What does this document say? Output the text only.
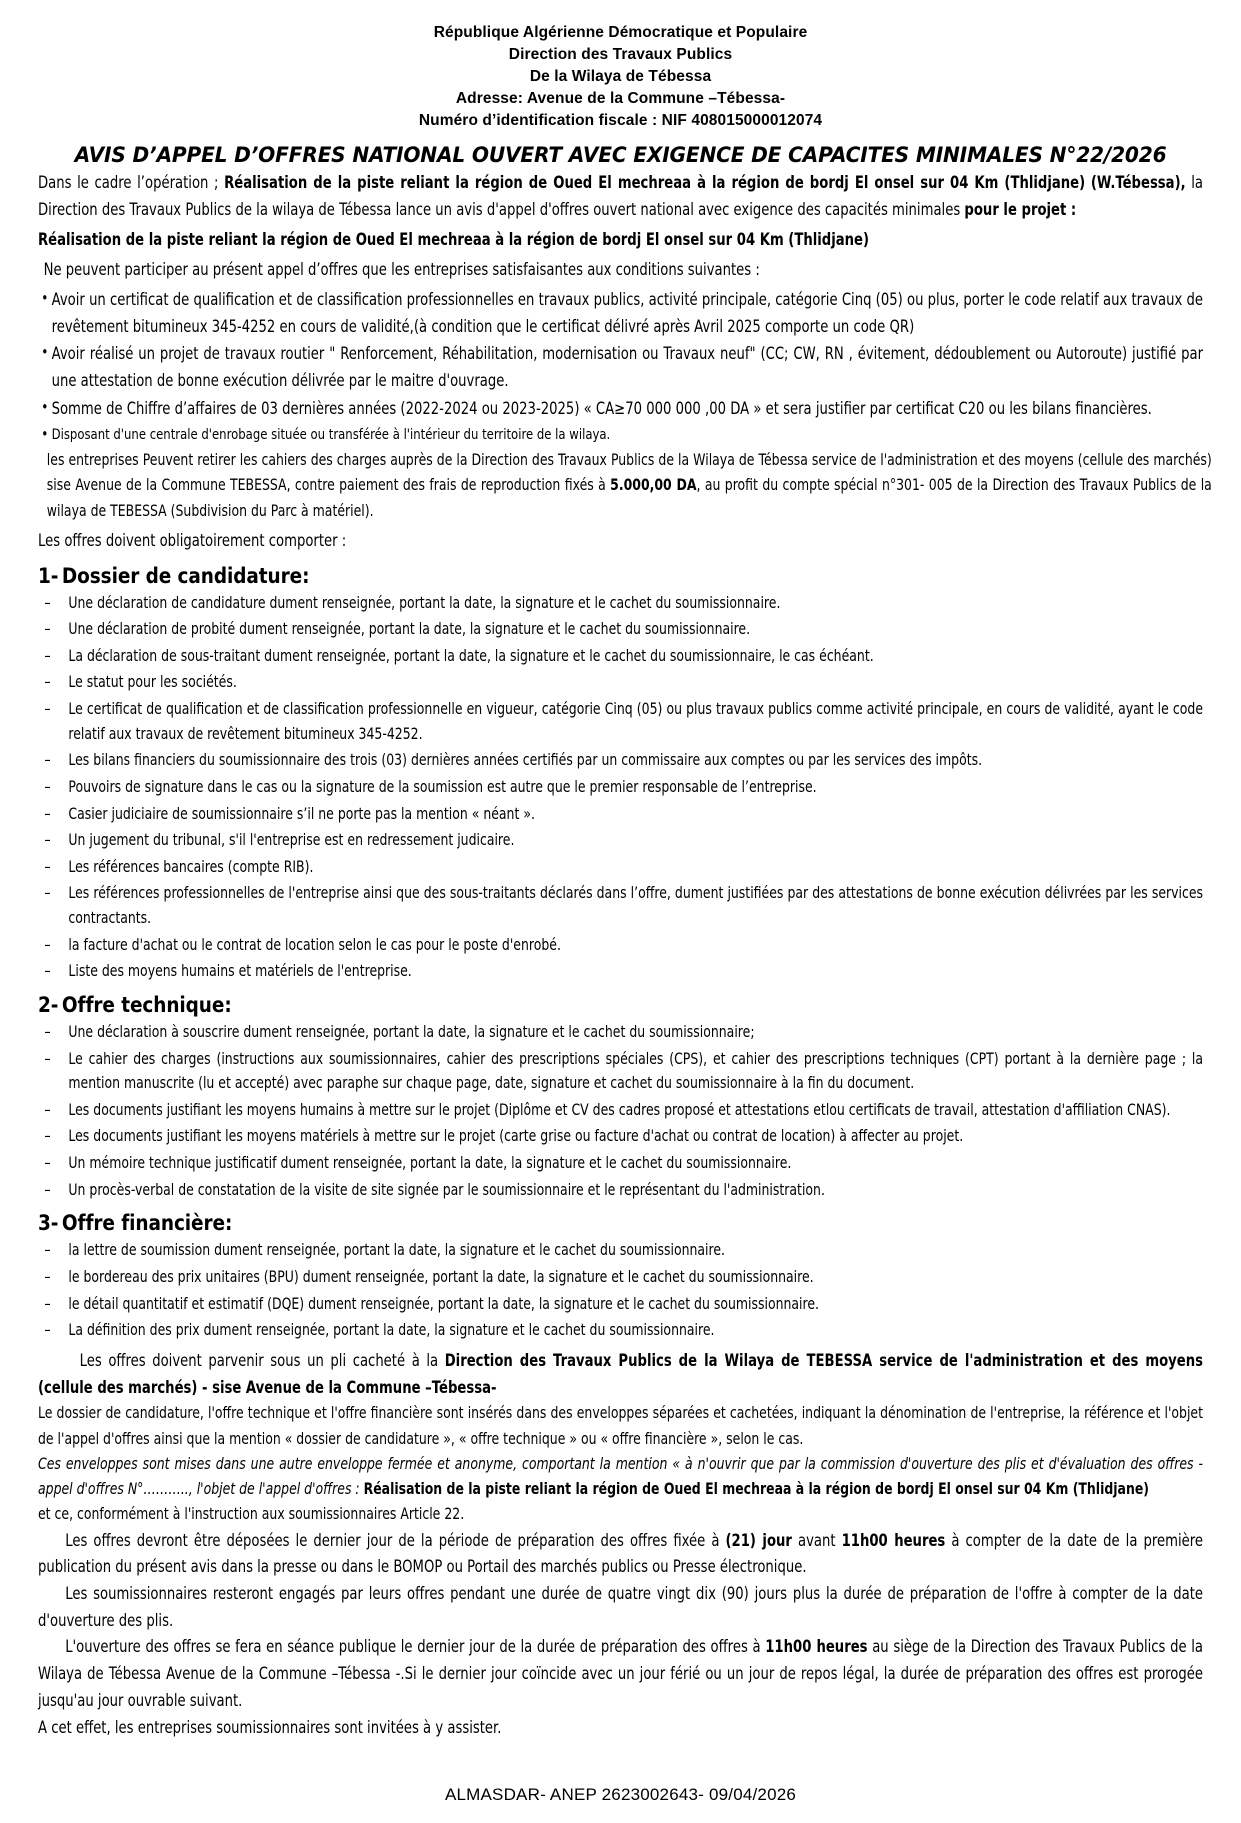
République Algérienne Démocratique et Populaire
Direction des Travaux Publics
De la Wilaya de Tébessa
Adresse: Avenue de la Commune –Tébessa-
Numéro d’identification fiscale : NIF 408015000012074
AVIS D’APPEL D’OFFRES NATIONAL OUVERT AVEC EXIGENCE DE CAPACITES MINIMALES N°22/2026

Dans le cadre l’opération ; Réalisation de la piste reliant la région de Oued El mechreaa à la région de bordj El onsel sur 04 Km (Thlidjane) (W.Tébessa), la Direction des Travaux Publics de la wilaya de Tébessa lance un avis d'appel d'offres ouvert national avec exigence des capacités minimales pour le projet :

Réalisation de la piste reliant la région de Oued El mechreaa à la région de bordj El onsel sur 04 Km (Thlidjane)

Ne peuvent participer au présent appel d’offres que les entreprises satisfaisantes aux conditions suivantes :

• Avoir un certificat de qualification et de classification professionnelles en travaux publics, activité principale, catégorie Cinq (05) ou plus, porter le code relatif aux travaux de revêtement bitumineux 345-4252 en cours de validité,(à condition que le certificat délivré après Avril 2025 comporte un code QR)
• Avoir réalisé un projet de travaux routier " Renforcement, Réhabilitation, modernisation ou Travaux neuf" (CC; CW, RN , évitement, dédoublement ou Autoroute) justifié par une attestation de bonne exécution délivrée par le maitre d'ouvrage.
• Somme de Chiffre d’affaires de 03 dernières années (2022-2024 ou 2023-2025) « CA≥70 000 000 ,00 DA » et sera justifier par certificat C20 ou les bilans financières.
• Disposant d'une centrale d'enrobage située ou transférée à l'intérieur du territoire de la wilaya.

les entreprises Peuvent retirer les cahiers des charges auprès de la Direction des Travaux Publics de la Wilaya de Tébessa service de l'administration et des moyens (cellule des marchés) sise Avenue de la Commune TEBESSA, contre paiement des frais de reproduction fixés à 5.000,00 DA, au profit du compte spécial n°301- 005 de la Direction des Travaux Publics de la wilaya de TEBESSA (Subdivision du Parc à matériel).

Les offres doivent obligatoirement comporter :

1- Dossier de candidature:
– Une déclaration de candidature dument renseignée, portant la date, la signature et le cachet du soumissionnaire.
– Une déclaration de probité dument renseignée, portant la date, la signature et le cachet du soumissionnaire.
– La déclaration de sous-traitant dument renseignée, portant la date, la signature et le cachet du soumissionnaire, le cas échéant.
– Le statut pour les sociétés.
– Le certificat de qualification et de classification professionnelle en vigueur, catégorie Cinq (05) ou plus travaux publics comme activité principale, en cours de validité, ayant le code relatif aux travaux de revêtement bitumineux 345-4252.
– Les bilans financiers du soumissionnaire des trois (03) dernières années certifiés par un commissaire aux comptes ou par les services des impôts.
– Pouvoirs de signature dans le cas ou la signature de la soumission est autre que le premier responsable de l’entreprise.
– Casier judiciaire de soumissionnaire s’il ne porte pas la mention « néant ».
– Un jugement du tribunal, s'il l'entreprise est en redressement judicaire.
– Les références bancaires (compte RIB).
– Les références professionnelles de l'entreprise ainsi que des sous-traitants déclarés dans l’offre, dument justifiées par des attestations de bonne exécution délivrées par les services contractants.
– la facture d'achat ou le contrat de location selon le cas pour le poste d'enrobé.
– Liste des moyens humains et matériels de l'entreprise.
2- Offre technique:
– Une déclaration à souscrire dument renseignée, portant la date, la signature et le cachet du soumissionnaire;
– Le cahier des charges (instructions aux soumissionnaires, cahier des prescriptions spéciales (CPS), et cahier des prescriptions techniques (CPT) portant à la dernière page ; la mention manuscrite (lu et accepté) avec paraphe sur chaque page, date, signature et cachet du soumissionnaire à la fin du document.
– Les documents justifiant les moyens humains à mettre sur le projet (Diplôme et CV des cadres proposé et attestations etlou certificats de travail, attestation d'affiliation CNAS).
– Les documents justifiant les moyens matériels à mettre sur le projet (carte grise ou facture d'achat ou contrat de location) à affecter au projet.
– Un mémoire technique justificatif dument renseignée, portant la date, la signature et le cachet du soumissionnaire.
– Un procès-verbal de constatation de la visite de site signée par le soumissionnaire et le représentant du l'administration.
3- Offre financière:
– la lettre de soumission dument renseignée, portant la date, la signature et le cachet du soumissionnaire.
– le bordereau des prix unitaires (BPU) dument renseignée, portant la date, la signature et le cachet du soumissionnaire.
– le détail quantitatif et estimatif (DQE) dument renseignée, portant la date, la signature et le cachet du soumissionnaire.
– La définition des prix dument renseignée, portant la date, la signature et le cachet du soumissionnaire.

Les offres doivent parvenir sous un pli cacheté à la Direction des Travaux Publics de la Wilaya de TEBESSA service de l'administration et des moyens (cellule des marchés) - sise Avenue de la Commune –Tébessa-

Le dossier de candidature, l'offre technique et l'offre financière sont insérés dans des enveloppes séparées et cachetées, indiquant la dénomination de l'entreprise, la référence et l'objet de l'appel d'offres ainsi que la mention « dossier de candidature », « offre technique » ou « offre financière », selon le cas.

Ces enveloppes sont mises dans une autre enveloppe fermée et anonyme, comportant la mention « à n'ouvrir que par la commission d'ouverture des plis et d'évaluation des offres - appel d'offres N°……….., l'objet de l'appel d'offres : Réalisation de la piste reliant la région de Oued El mechreaa à la région de bordj El onsel sur 04 Km (Thlidjane)

et ce, conformément à l'instruction aux soumissionnaires Article 22.

Les offres devront être déposées le dernier jour de la période de préparation des offres fixée à (21) jour avant 11h00 heures à compter de la date de la première publication du présent avis dans la presse ou dans le BOMOP ou Portail des marchés publics ou Presse électronique.

Les soumissionnaires resteront engagés par leurs offres pendant une durée de quatre vingt dix (90) jours plus la durée de préparation de l'offre à compter de la date d'ouverture des plis.

L'ouverture des offres se fera en séance publique le dernier jour de la durée de préparation des offres à 11h00 heures au siège de la Direction des Travaux Publics de la Wilaya de Tébessa Avenue de la Commune –Tébessa -.Si le dernier jour coïncide avec un jour férié ou un jour de repos légal, la durée de préparation des offres est prorogée jusqu'au jour ouvrable suivant.

A cet effet, les entreprises soumissionnaires sont invitées à y assister.

ALMASDAR- ANEP 2623002643- 09/04/2026
